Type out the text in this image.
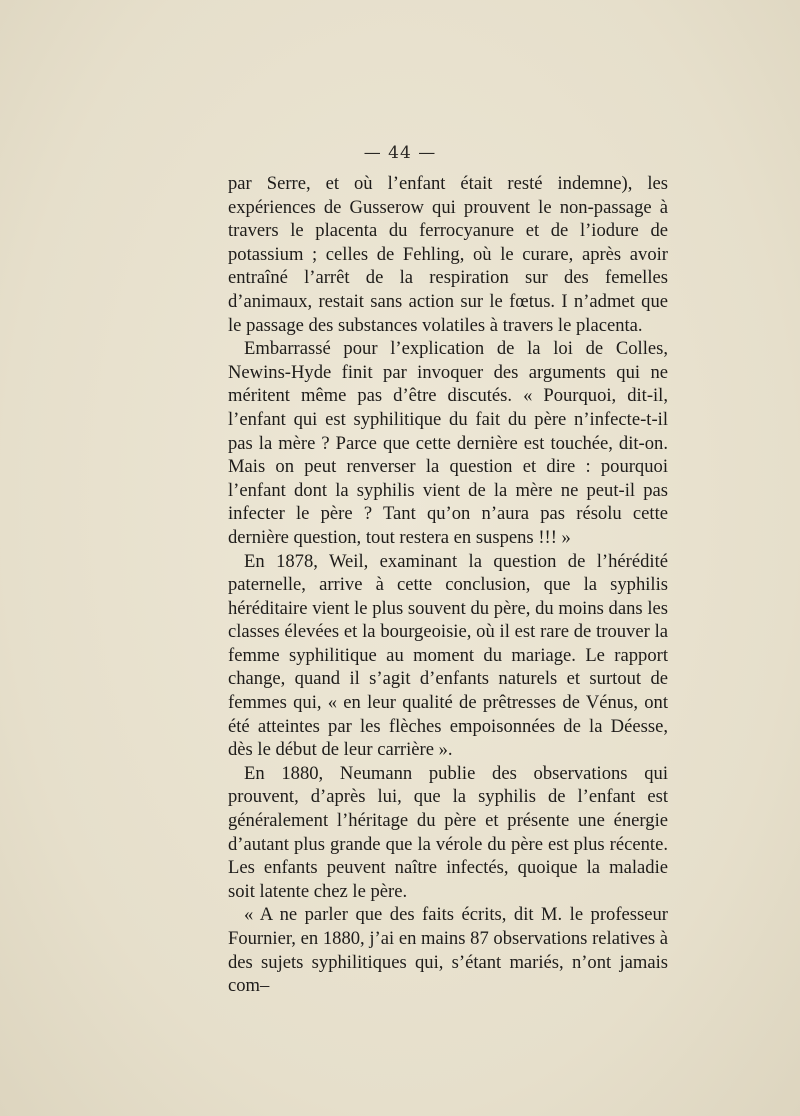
— 44 —

par Serre, et où l’enfant était resté indemne), les expériences de Gusserow qui prouvent le non-passage à travers le placenta du ferrocyanure et de l’iodure de potassium ; celles de Fehling, où le curare, après avoir entraîné l’arrêt de la respiration sur des femelles d’animaux, restait sans action sur le fœtus. I n’admet que le passage des substances volatiles à travers le placenta.

Embarrassé pour l’explication de la loi de Colles, Newins-Hyde finit par invoquer des arguments qui ne méritent même pas d’être discutés. « Pourquoi, dit-il, l’enfant qui est syphilitique du fait du père n’infecte-t-il pas la mère ? Parce que cette dernière est touchée, dit-on. Mais on peut renverser la question et dire : pourquoi l’enfant dont la syphilis vient de la mère ne peut-il pas infecter le père ? Tant qu’on n’aura pas résolu cette dernière question, tout restera en suspens !!! »

En 1878, Weil, examinant la question de l’hérédité paternelle, arrive à cette conclusion, que la syphilis héréditaire vient le plus souvent du père, du moins dans les classes élevées et la bourgeoisie, où il est rare de trouver la femme syphilitique au moment du mariage. Le rapport change, quand il s’agit d’enfants naturels et surtout de femmes qui, « en leur qualité de prêtresses de Vénus, ont été atteintes par les flèches empoisonnées de la Déesse, dès le début de leur carrière ».

En 1880, Neumann publie des observations qui prouvent, d’après lui, que la syphilis de l’enfant est généralement l’héritage du père et présente une énergie d’autant plus grande que la vérole du père est plus récente. Les enfants peuvent naître infectés, quoique la maladie soit latente chez le père.

« A ne parler que des faits écrits, dit M. le professeur Fournier, en 1880, j’ai en mains 87 observations relatives à des sujets syphilitiques qui, s’étant mariés, n’ont jamais com–
